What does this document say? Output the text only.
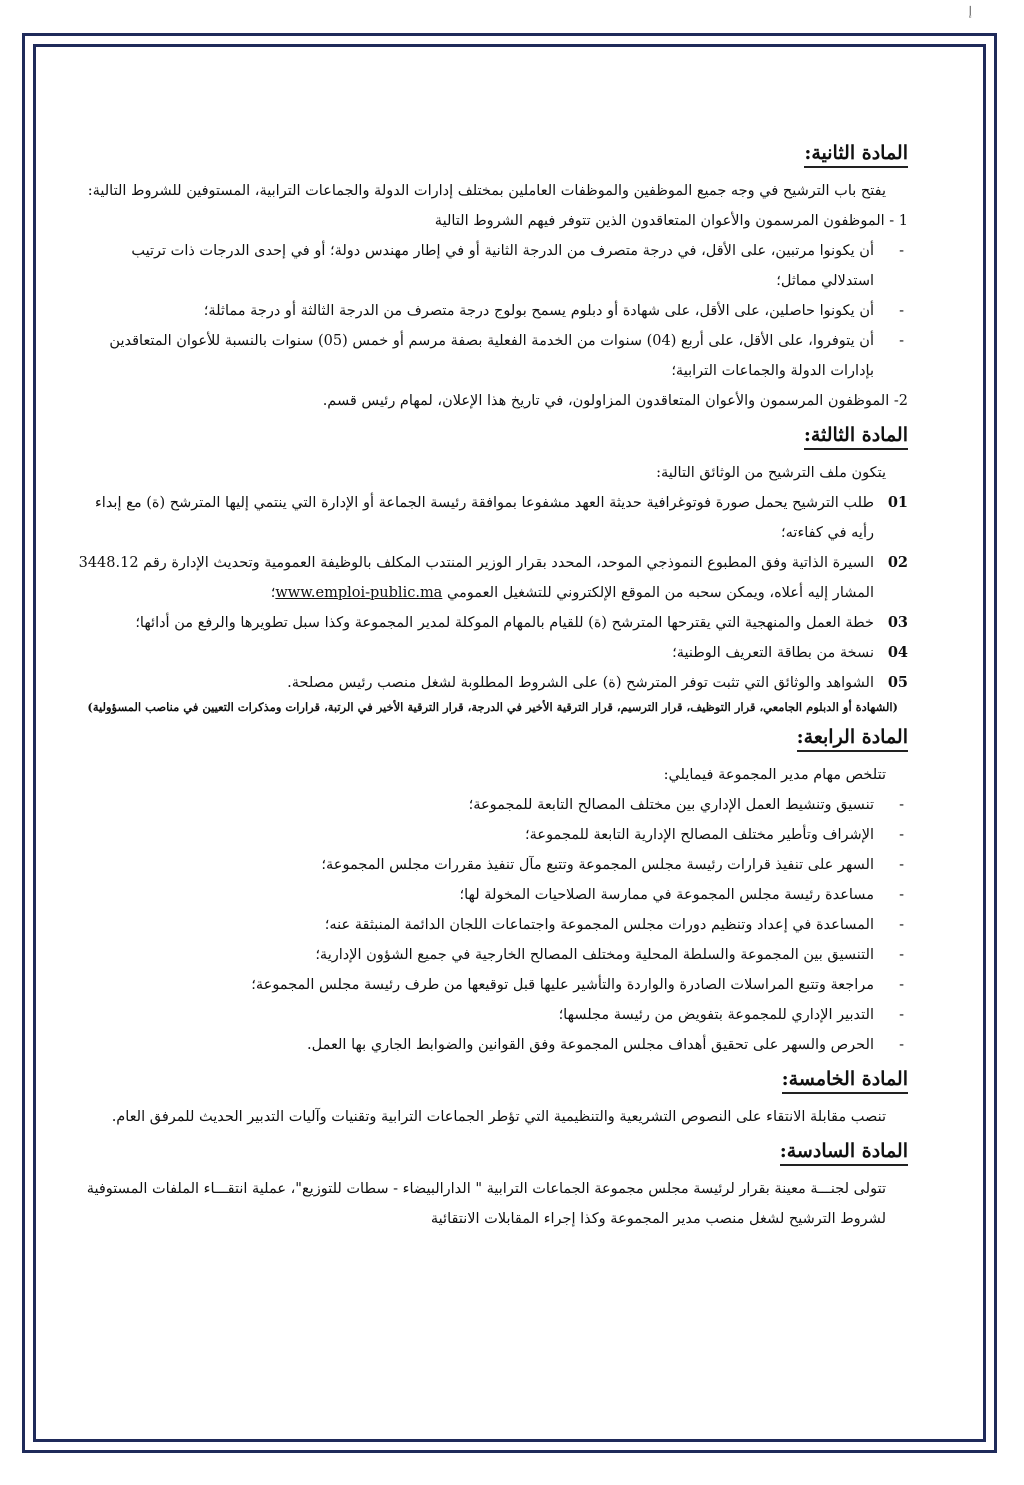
ﺇ
المادة الثانية:

يفتح باب الترشيح في وجه جميع الموظفين والموظفات العاملين بمختلف إدارات الدولة والجماعات الترابية، المستوفين للشروط التالية:

1 - الموظفون المرسمون والأعوان المتعاقدون الذين تتوفر فيهم الشروط التالية

-
أن يكونوا مرتبين، على الأقل، في درجة متصرف من الدرجة الثانية أو في إطار مهندس دولة؛ أو في إحدى الدرجات ذات ترتيب استدلالي مماثل؛
-
أن يكونوا حاصلين، على الأقل، على شهادة أو دبلوم يسمح بولوج درجة متصرف من الدرجة الثالثة أو درجة مماثلة؛
-
أن يتوفروا، على الأقل، على أربع (04) سنوات من الخدمة الفعلية بصفة مرسم أو خمس (05) سنوات بالنسبة للأعوان المتعاقدين بإدارات الدولة والجماعات الترابية؛

2- الموظفون المرسمون والأعوان المتعاقدون المزاولون، في تاريخ هذا الإعلان، لمهام رئيس قسم.

المادة الثالثة:

يتكون ملف الترشيح من الوثائق التالية:

01
طلب الترشيح يحمل صورة فوتوغرافية حديثة العهد مشفوعا بموافقة رئيسة الجماعة أو الإدارة التي ينتمي إليها المترشح (ة) مع إبداء رأيه في كفاءته؛
02
السيرة الذاتية وفق المطبوع النموذجي الموحد، المحدد بقرار الوزير المنتدب المكلف بالوظيفة العمومية وتحديث الإدارة رقم 3448.12 المشار إليه أعلاه، ويمكن سحبه من الموقع الإلكتروني للتشغيل العمومي www.emploi-public.ma؛
03
خطة العمل والمنهجية التي يقترحها المترشح (ة) للقيام بالمهام الموكلة لمدير المجموعة وكذا سبل تطويرها والرفع من أدائها؛
04
نسخة من بطاقة التعريف الوطنية؛
05
الشواهد والوثائق التي تثبت توفر المترشح (ة) على الشروط المطلوبة لشغل منصب رئيس مصلحة.
(الشهادة أو الدبلوم الجامعي، قرار التوظيف، قرار الترسيم، قرار الترقية الأخير في الدرجة، قرار الترقية الأخير في الرتبة، قرارات ومذكرات التعيين في مناصب المسؤولية)
المادة الرابعة:

تتلخص مهام مدير المجموعة فيمايلي:

-
تنسيق وتنشيط العمل الإداري بين مختلف المصالح التابعة للمجموعة؛
-
الإشراف وتأطير مختلف المصالح الإدارية التابعة للمجموعة؛
-
السهر على تنفيذ قرارات رئيسة مجلس المجموعة وتتبع مآل تنفيذ مقررات مجلس المجموعة؛
-
مساعدة رئيسة مجلس المجموعة في ممارسة الصلاحيات المخولة لها؛
-
المساعدة في إعداد وتنظيم دورات مجلس المجموعة واجتماعات اللجان الدائمة المنبثقة عنه؛
-
التنسيق بين المجموعة والسلطة المحلية ومختلف المصالح الخارجية في جميع الشؤون الإدارية؛
-
مراجعة وتتبع المراسلات الصادرة والواردة والتأشير عليها قبل توقيعها من طرف رئيسة مجلس المجموعة؛
-
التدبير الإداري للمجموعة بتفويض من رئيسة مجلسها؛
-
الحرص والسهر على تحقيق أهداف مجلس المجموعة وفق القوانين والضوابط الجاري بها العمل.
المادة الخامسة:

تنصب مقابلة الانتقاء على النصوص التشريعية والتنظيمية التي تؤطر الجماعات الترابية وتقنيات وآليات التدبير الحديث للمرفق العام.

المادة السادسة:

تتولى لجنـــة معينة بقرار لرئيسة مجلس مجموعة الجماعات الترابية " الدارالبيضاء - سطات للتوزيع"، عملية انتقـــاء الملفات المستوفية لشروط الترشيح لشغل منصب مدير المجموعة وكذا إجراء المقابلات الانتقائية
